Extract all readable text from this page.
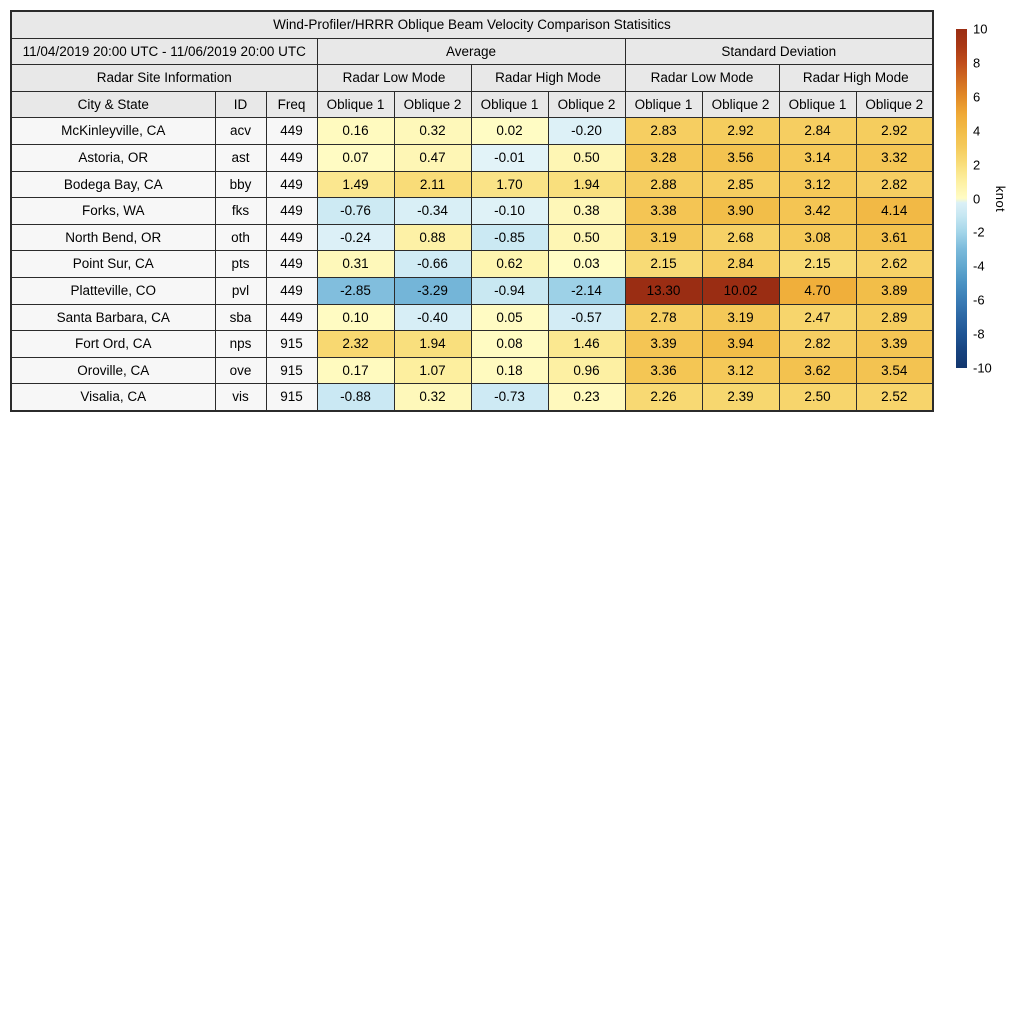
Wind-Profiler/HRRR Oblique Beam Velocity Comparison Statisitics										
11/04/2019 20:00 UTC - 11/06/2019 20:00 UTC			Average				Standard Deviation			
Radar Site Information			Radar Low Mode		Radar High Mode		Radar Low Mode		Radar High Mode	
City & State	ID	Freq	Oblique 1	Oblique 2	Oblique 1	Oblique 2	Oblique 1	Oblique 2	Oblique 1	Oblique 2
McKinleyville, CA	acv	449	0.16	0.32	0.02	-0.20	2.83	2.92	2.84	2.92
Astoria, OR	ast	449	0.07	0.47	-0.01	0.50	3.28	3.56	3.14	3.32
Bodega Bay, CA	bby	449	1.49	2.11	1.70	1.94	2.88	2.85	3.12	2.82
Forks, WA	fks	449	-0.76	-0.34	-0.10	0.38	3.38	3.90	3.42	4.14
North Bend, OR	oth	449	-0.24	0.88	-0.85	0.50	3.19	2.68	3.08	3.61
Point Sur, CA	pts	449	0.31	-0.66	0.62	0.03	2.15	2.84	2.15	2.62
Platteville, CO	pvl	449	-2.85	-3.29	-0.94	-2.14	13.30	10.02	4.70	3.89
Santa Barbara, CA	sba	449	0.10	-0.40	0.05	-0.57	2.78	3.19	2.47	2.89
Fort Ord, CA	nps	915	2.32	1.94	0.08	1.46	3.39	3.94	2.82	3.39
Oroville, CA	ove	915	0.17	1.07	0.18	0.96	3.36	3.12	3.62	3.54
Visalia, CA	vis	915	-0.88	0.32	-0.73	0.23	2.26	2.39	2.50	2.52
10
8
6
4
2
0
-2
-4
-6
-8
-10
knot
